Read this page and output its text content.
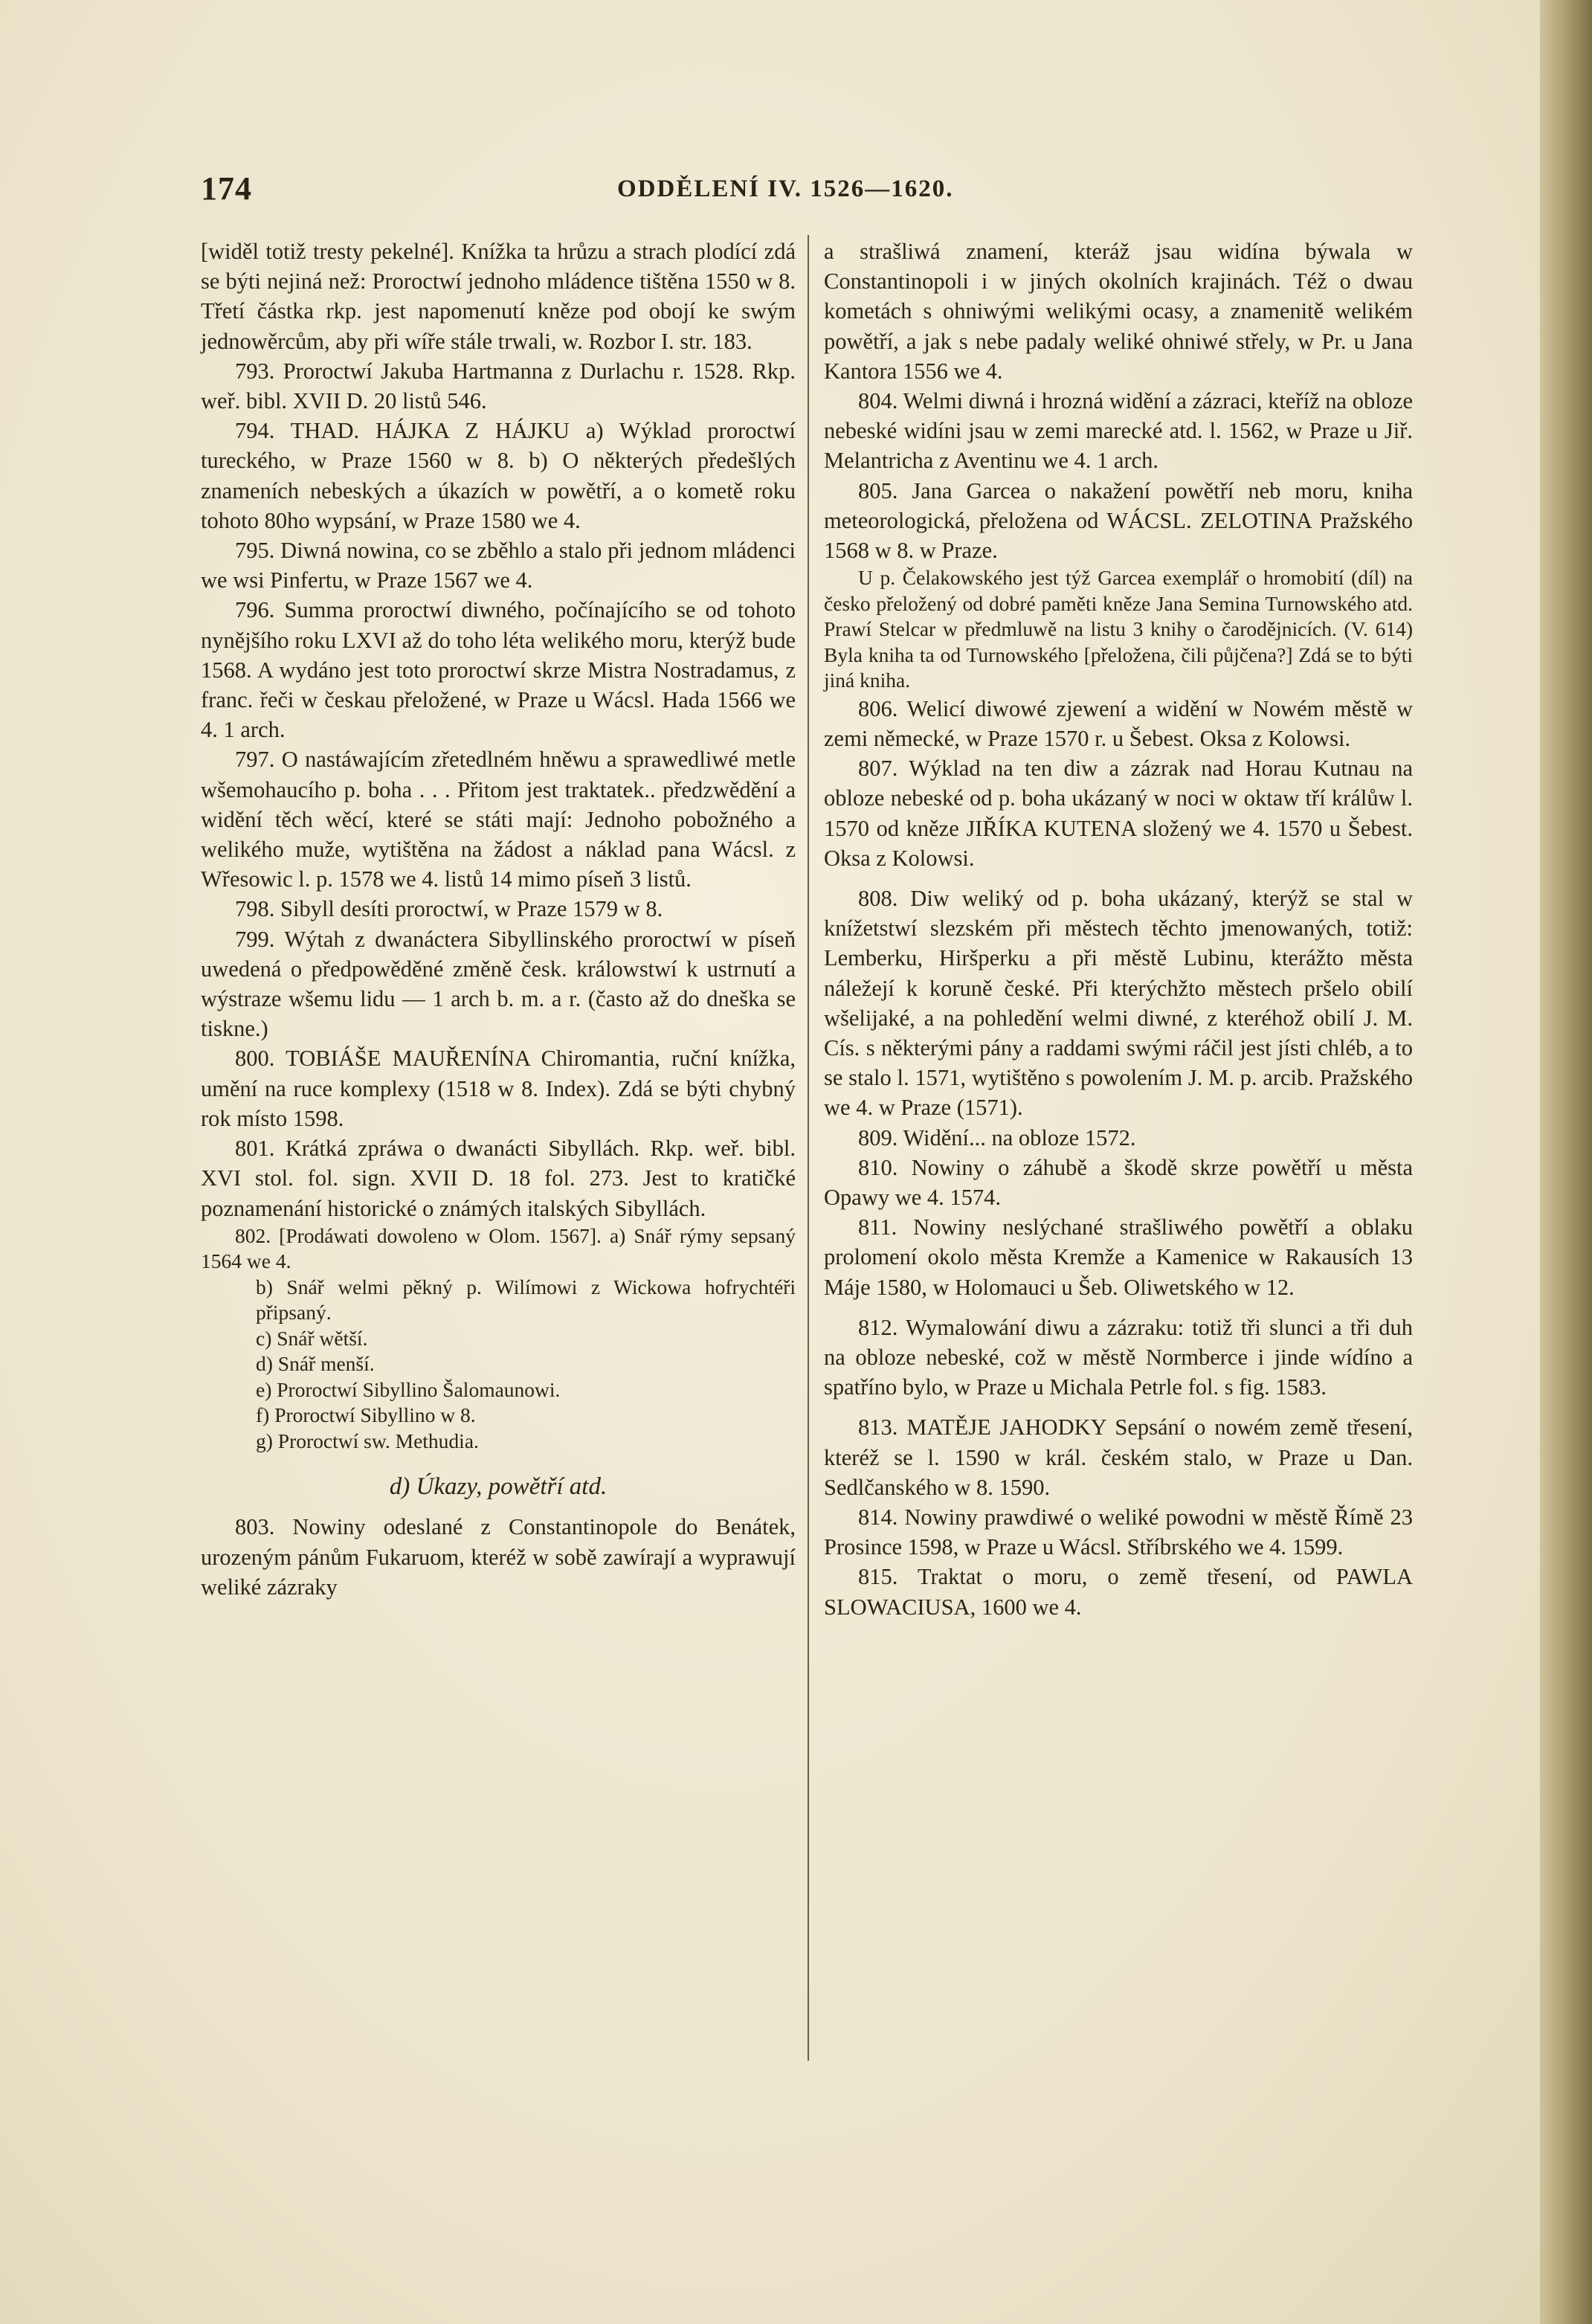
174	ODDĚLENÍ IV. 1526—1620.

[widěl totiž tresty pekelné]. Knížka ta hrůzu a strach plodící zdá se býti nejiná než: Proroctwí jednoho mládence tištěna 1550 w 8. Třetí částka rkp. jest napomenutí kněze pod obojí ke swým jednowěrcům, aby při wíře stále trwali, w. Rozbor I. str. 183.

793. Proroctwí Jakuba Hartmanna z Durlachu r. 1528. Rkp. weř. bibl. XVII D. 20 listů 546.

794. THAD. HÁJKA Z HÁJKU a) Wýklad proroctwí tureckého, w Praze 1560 w 8. b) O některých předešlých znameních nebeských a úkazích w powětří, a o kometě roku tohoto 80ho wypsání, w Praze 1580 we 4.

795. Diwná nowina, co se zběhlo a stalo při jednom mládenci we wsi Pinfertu, w Praze 1567 we 4.

796. Summa proroctwí diwného, počínajícího se od tohoto nynějšího roku LXVI až do toho léta welikého moru, kterýž bude 1568. A wydáno jest toto proroctwí skrze Mistra Nostradamus, z franc. řeči w českau přeložené, w Praze u Wácsl. Hada 1566 we 4. 1 arch.

797. O nastáwajícím zřetedlném hněwu a sprawedliwé metle wšemohaucího p. boha . . . Přitom jest traktatek.. předzwědění a widění těch wěcí, které se státi mají: Jednoho pobožného a welikého muže, wytištěna na žádost a náklad pana Wácsl. z Wřesowic l. p. 1578 we 4. listů 14 mimo píseň 3 listů.

798. Sibyll desíti proroctwí, w Praze 1579 w 8.

799. Wýtah z dwanáctera Sibyllinského proroctwí w píseň uwedená o předpowěděné změně česk. králowstwí k ustrnutí a wýstraze wšemu lidu — 1 arch b. m. a r. (často až do dneška se tiskne.)

800. TOBIÁŠE MAUŘENÍNA Chiromantia, ruční knížka, umění na ruce komplexy (1518 w 8. Index). Zdá se býti chybný rok místo 1598.

801. Krátká zpráwa o dwanácti Sibyllách. Rkp. weř. bibl. XVI stol. fol. sign. XVII D. 18 fol. 273. Jest to kratičké poznamenání historické o známých italských Sibyllách.

802. [Prodáwati dowoleno w Olom. 1567]. a) Snář rýmy sepsaný 1564 we 4.

b) Snář welmi pěkný p. Wilímowi z Wickowa hofrychtéři připsaný.

c) Snář wětší.

d) Snář menší.

e) Proroctwí Sibyllino Šalomaunowi.

f) Proroctwí Sibyllino w 8.

g) Proroctwí sw. Methudia.

d) Úkazy, powětří atd.

803. Nowiny odeslané z Constantinopole do Benátek, urozeným pánům Fukaruom, kteréž w sobě zawírají a wyprawují weliké zázraky

a strašliwá znamení, kteráž jsau widína býwala w Constantinopoli i w jiných okolních krajinách. Též o dwau kometách s ohniwými welikými ocasy, a znamenitě welikém powětří, a jak s nebe padaly weliké ohniwé střely, w Pr. u Jana Kantora 1556 we 4.

804. Welmi diwná i hrozná widění a zázraci, kteříž na obloze nebeské widíni jsau w zemi marecké atd. l. 1562, w Praze u Jiř. Melantricha z Aventinu we 4. 1 arch.

805. Jana Garcea o nakažení powětří neb moru, kniha meteorologická, přeložena od WÁCSL. ZELOTINA Pražského 1568 w 8. w Praze.

U p. Čelakowského jest týž Garcea exemplář o hromobití (díl) na česko přeložený od dobré paměti kněze Jana Semina Turnowského atd. Prawí Stelcar w předmluwě na listu 3 knihy o čarodějnicích. (V. 614) Byla kniha ta od Turnowského [přeložena, čili půjčena?] Zdá se to býti jiná kniha.

806. Welicí diwowé zjewení a widění w Nowém městě w zemi německé, w Praze 1570 r. u Šebest. Oksa z Kolowsi.

807. Wýklad na ten diw a zázrak nad Horau Kutnau na obloze nebeské od p. boha ukázaný w noci w oktaw tří králůw l. 1570 od kněze JIŘÍKA KUTENA složený we 4. 1570 u Šebest. Oksa z Kolowsi.

808. Diw weliký od p. boha ukázaný, kterýž se stal w knížetstwí slezském při městech těchto jmenowaných, totiž: Lemberku, Hiršperku a při městě Lubinu, kterážto města náležejí k koruně české. Při kterýchžto městech pršelo obilí wšelijaké, a na pohledění welmi diwné, z kteréhož obilí J. M. Cís. s některými pány a raddami swými ráčil jest jísti chléb, a to se stalo l. 1571, wytištěno s powolením J. M. p. arcib. Pražského we 4. w Praze (1571).

809. Widění... na obloze 1572.

810. Nowiny o záhubě a škodě skrze powětří u města Opawy we 4. 1574.

811. Nowiny neslýchané strašliwého powětří a oblaku prolomení okolo města Kremže a Kamenice w Rakausích 13 Máje 1580, w Holomauci u Šeb. Oliwetského w 12.

812. Wymalowání diwu a zázraku: totiž tři slunci a tři duh na obloze nebeské, což w městě Normberce i jinde wídíno a spatříno bylo, w Praze u Michala Petrle fol. s fig. 1583.

813. MATĚJE JAHODKY Sepsání o nowém země třesení, kteréž se l. 1590 w král. českém stalo, w Praze u Dan. Sedlčanského w 8. 1590.

814. Nowiny prawdiwé o weliké powodni w městě Římě 23 Prosince 1598, w Praze u Wácsl. Stříbrského we 4. 1599.

815. Traktat o moru, o země třesení, od PAWLA SLOWACIUSA, 1600 we 4.
